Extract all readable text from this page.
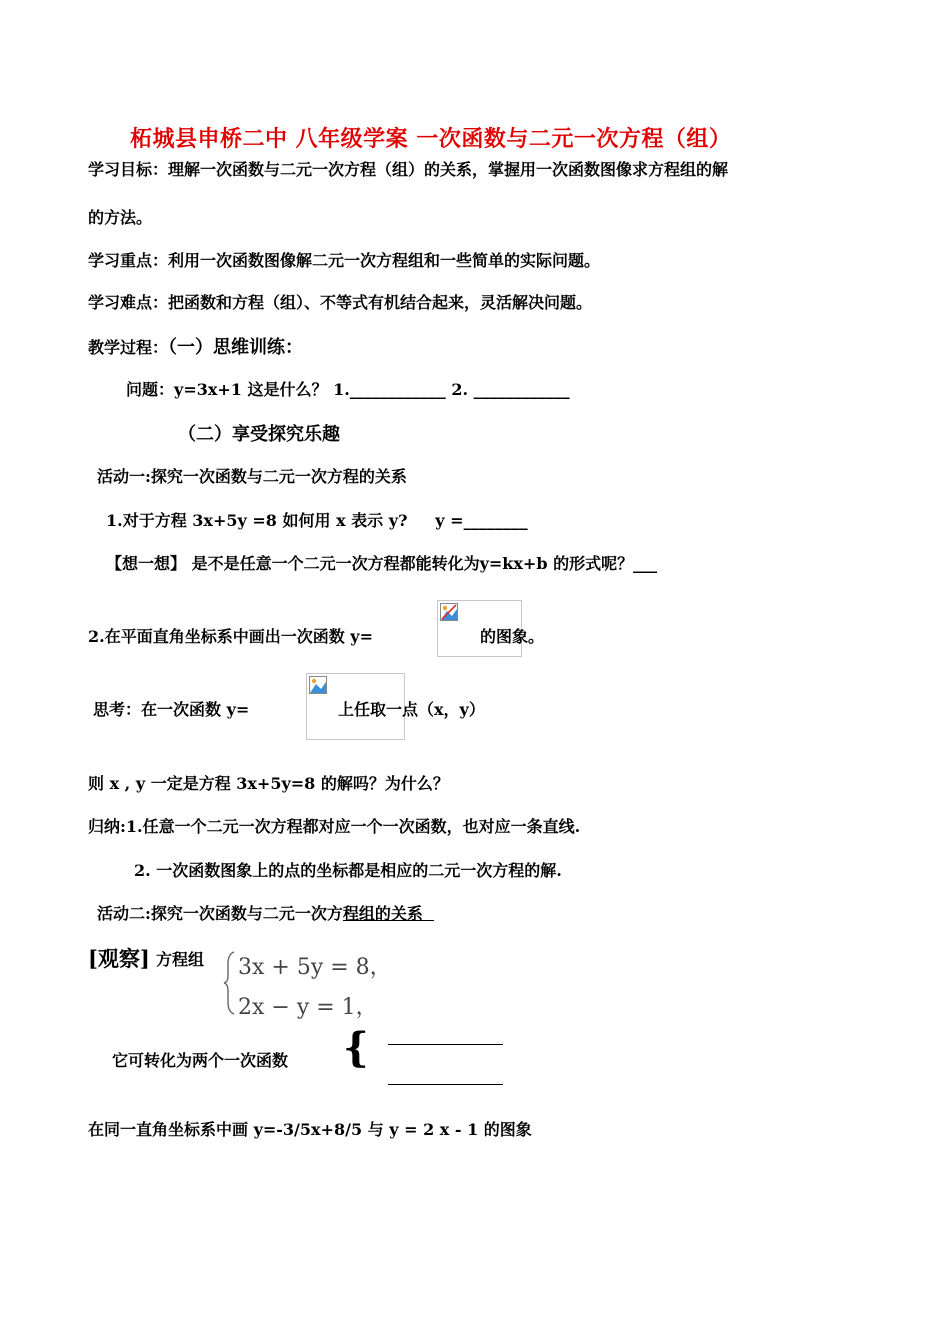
柘城县申桥二中 八年级学案 一次函数与二元一次方程（组）
学习目标：理解一次函数与二元一次方程（组）的关系，掌握用一次函数图像求方程组的解
的方法。
学习重点：利用一次函数图像解二元一次方程组和一些简单的实际问题。
学习难点：把函数和方程（组）、不等式有机结合起来，灵活解决问题。
教学过程：（一）思维训练：
问题：y=3x+1 这是什么？ 1.____________ 2. ____________
（二）享受探究乐趣
活动一:探究一次函数与二元一次方程的关系
1.对于方程 3x+5y =8 如何用 x 表示 y? y =________
【想一想】 是不是任意一个二元一次方程都能转化为y=kx+b 的形式呢？___
2.在平面直角坐标系中画出一次函数 y=	的图象。
思考：在一次函数 y=	上任取一点（x，y）
则 x , y 一定是方程 3x+5y=8 的解吗？为什么？
归纳:1.任意一个二元一次方程都对应一个一次函数，也对应一条直线.
2. 一次函数图象上的点的坐标都是相应的二元一次方程的解.
活动二:探究一次函数与二元一次方程组的关系
[观察] 方程组 3x + 5y = 8，
2x − y = 1，
它可转化为两个一次函数 {
在同一直角坐标系中画 y=-3/5x+8/5 与 y = 2 x - 1 的图象
